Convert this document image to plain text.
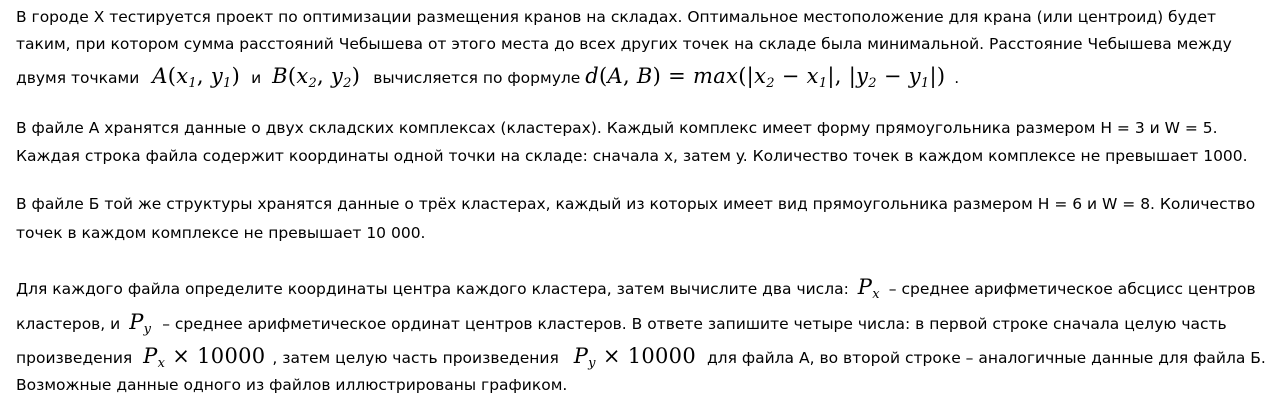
В городе X тестируется проект по оптимизации размещения кранов на складах. Оптимальное местоположение для крана (или центроид) будет
таким, при котором сумма расстояний Чебышева от этого места до всех других точек на складе была минимальной. Расстояние Чебышева между
двумя точками $A(x_1$, $y_1$) и $B(x_2$, $y_2$) вычисляется по формуле d(A, $B) = \max(|x_2 - x_1|$, $|y_2 - y_1|$) .
В файле А хранятся данные о двух складских комплексах (кластерах). Каждый комплекс имеет форму прямоугольника размером H = 3 и W = 5.
Каждая строка файла содержит координаты одной точки на складе: сначала x, затем y. Количество точек в каждом комплексе не превышает 1000.
В файле Б той же структуры хранятся данные о трёх кластерах, каждый из которых имеет вид прямоугольника размером H = 6 и W = 8. Количество
точек в каждом комплексе не превышает 10 000.
Для каждого файла определите координаты центра каждого кластера, затем вычислите два числа: $P_x$ – среднее арифметическое абсцисс центров
кластеров, и $P_y$ – среднее арифметическое ординат центров кластеров. В ответе запишите четыре числа: в первой строке сначала целую часть
произведения $P_x \times 10000$ , затем целую часть произведения $P_y \times 10000$ для файла А, во второй строке – аналогичные данные для файла Б.
Возможные данные одного из файлов иллюстрированы графиком.
